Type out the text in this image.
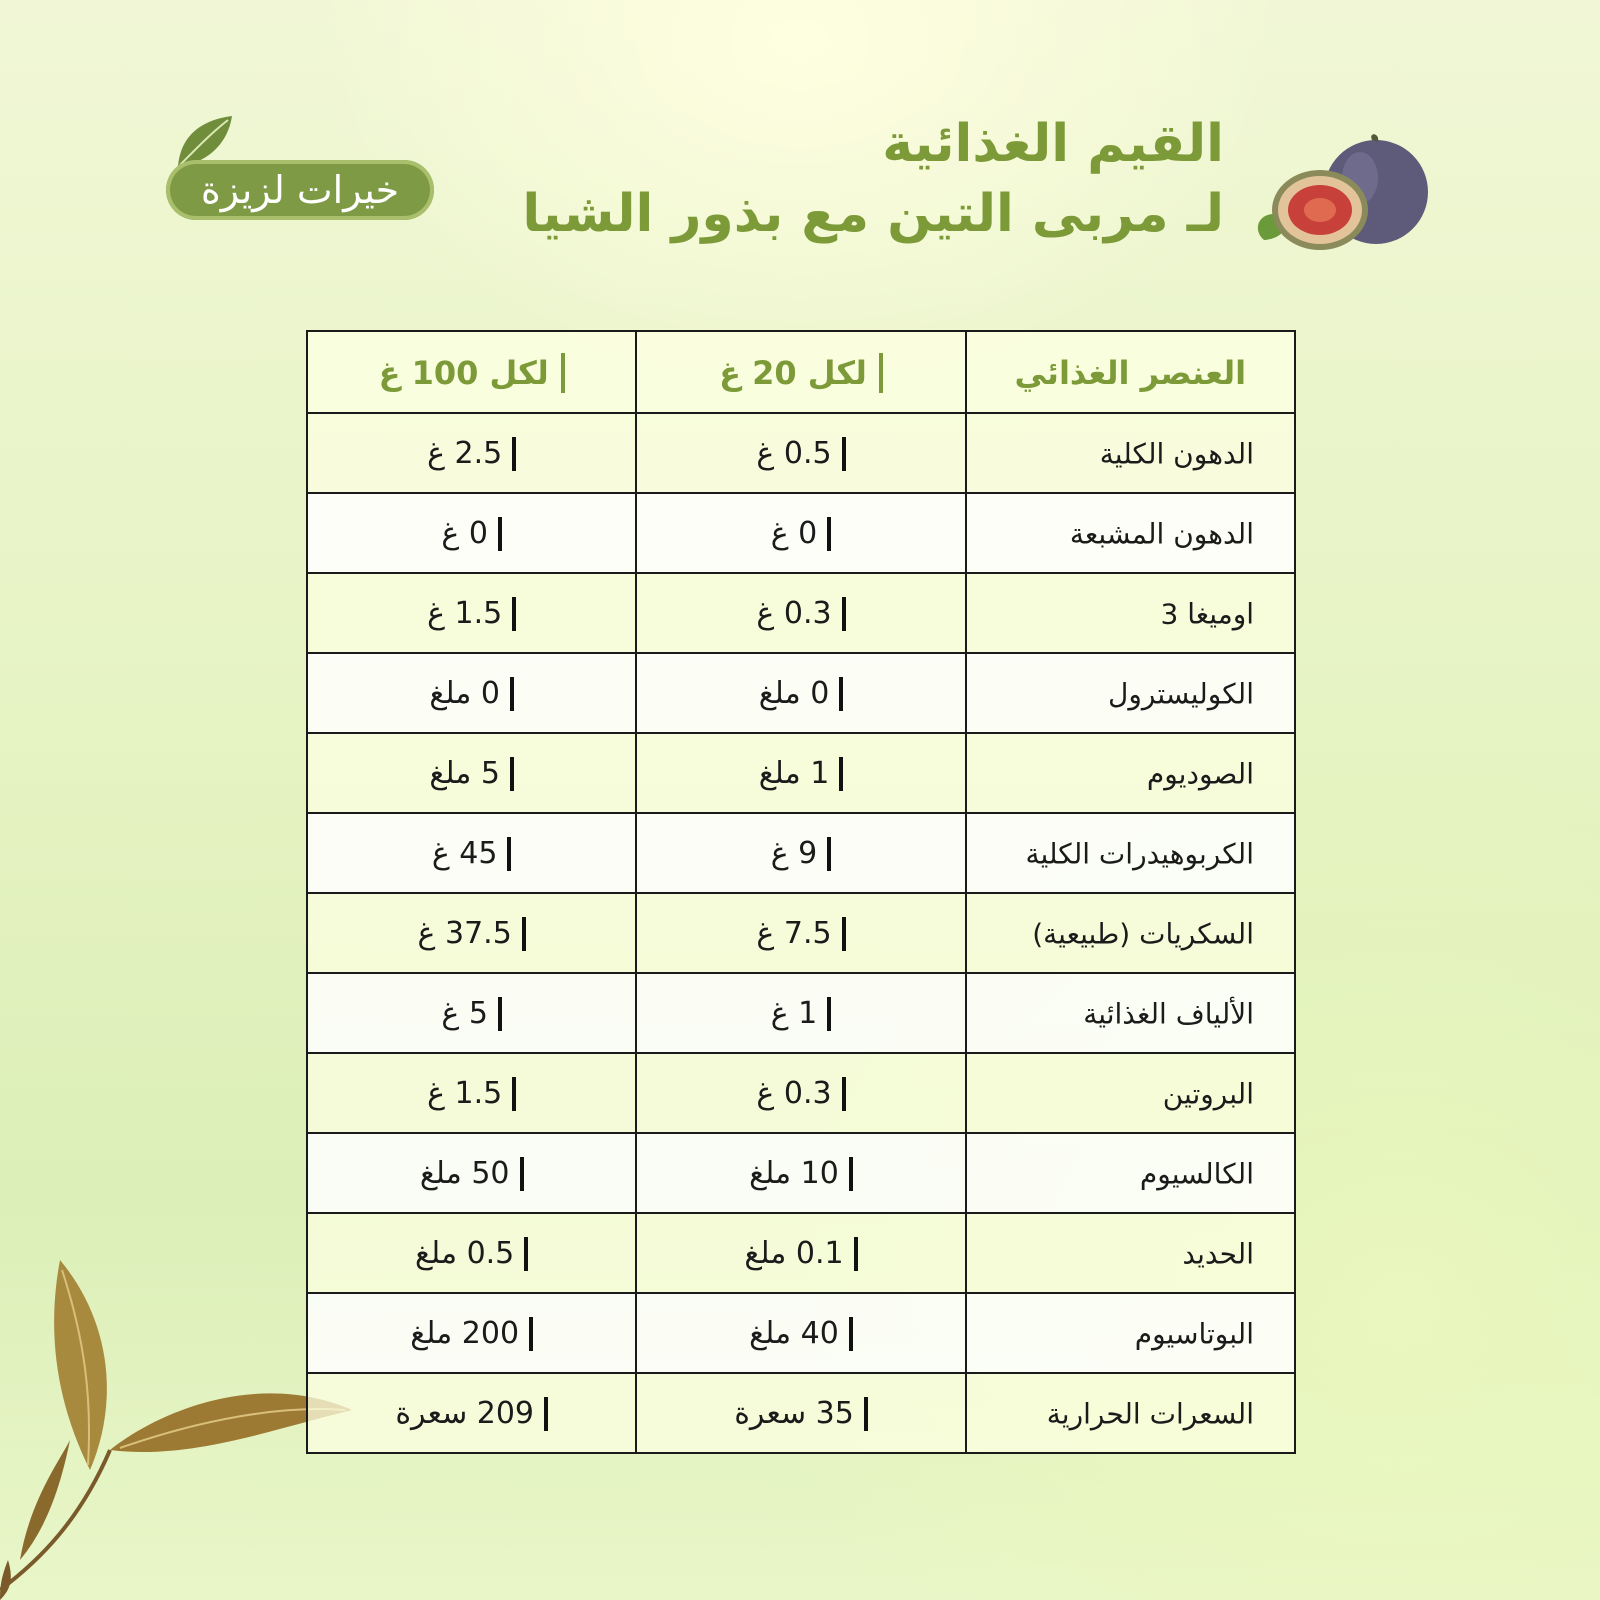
خيرات لزيزة
القيم الغذائية
لـ مربى التين مع بذور الشيا
العنصر الغذائي	لكل 20 غ	لكل 100 غ
الدهون الكلية	0.5 غ	2.5 غ
الدهون المشبعة	0 غ	0 غ
اوميغا 3	0.3 غ	1.5 غ
الكوليسترول	0 ملغ	0 ملغ
الصوديوم	1 ملغ	5 ملغ
الكربوهيدرات الكلية	9 غ	45 غ
السكريات (طبيعية)	7.5 غ	37.5 غ
الألياف الغذائية	1 غ	5 غ
البروتين	0.3 غ	1.5 غ
الكالسيوم	10 ملغ	50 ملغ
الحديد	0.1 ملغ	0.5 ملغ
البوتاسيوم	40 ملغ	200 ملغ
السعرات الحرارية	35 سعرة	209 سعرة
